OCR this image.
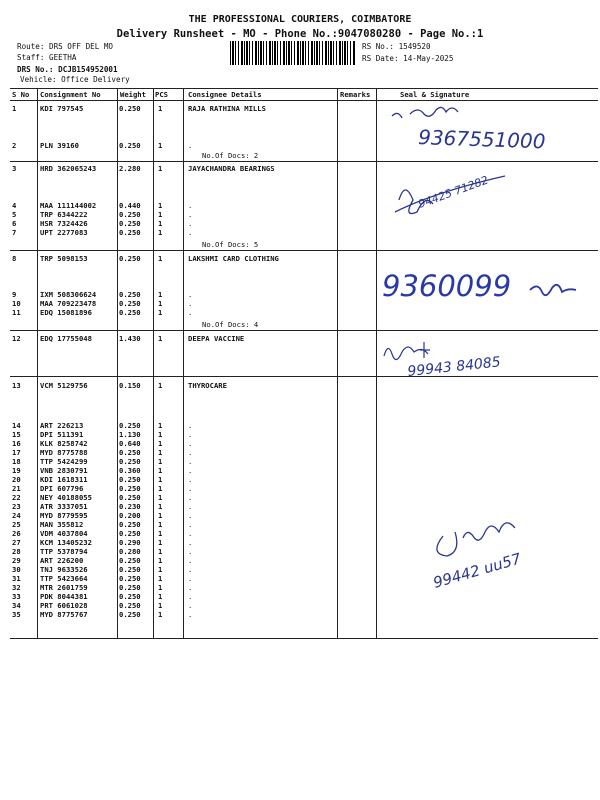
THE PROFESSIONAL COURIERS, COIMBATORE
Delivery Runsheet - MO - Phone No.:9047080280 - Page No.:1
Route: DRS OFF DEL MO
Staff: GEETHA
DRS No.: DCJB154952001
Vehicle: Office Delivery
RS No.: 1549520
RS Date: 14-May-2025
S No Consignment No	Weight PCS	Consignee Details	Remarks	Seal & Signature
1	KDI 797545	0.250 1	RAJA RATHINA MILLS
2	PLN 39160	0.250 1	.
3	HRD 362065243	2.280 1	JAYACHANDRA BEARINGS
4	MAA 111144002	0.440 1	.
5	TRP 6344222	0.250 1	.
6	HSR 7324426	0.250 1	.
7	UPT 2277083	0.250 1	.
8	TRP 5098153	0.250 1	LAKSHMI CARD CLOTHING
9	IXM 508306624	0.250 1	.
10	MAA 709223478	0.250 1	.
11	EDQ 15081896	0.250 1	.
12	EDQ 17755048	1.430 1	DEEPA VACCINE
13	VCM 5129756	0.150 1	THYROCARE
14	ART 226213	0.250 1	.
15	DPI 511391	1.130 1	.
16	KLK 8258742	0.640 1	.
17	MYD 8775788	0.250 1	.
18	TTP 5424299	0.250 1	.
19	VNB 2830791	0.360 1	.
20	KDI 1618311	0.250 1	.
21	DPI 607796	0.250 1	.
22	NEY 40188055	0.250 1	.
23	ATR 3337051	0.230 1	.
24	MYD 8779595	0.200 1	.
25	MAN 355812	0.250 1	.
26	VDM 4037804	0.250 1	.
27	KCM 13405232	0.290 1	.
28	TTP 5378794	0.280 1	.
29	ART 226200	0.250 1	.
30	TNJ 9633526	0.250 1	.
31	TTP 5423664	0.250 1	.
32	MTR 2601759	0.250 1	.
33	PDK 8044381	0.250 1	.
34	PRT 6061028	0.250 1	.
35	MYD 8775767	0.250 1	.
No.Of Docs: 2
No.Of Docs: 5
No.Of Docs: 4
9367551000
94425 71282
9360099
99943 84085
99442 uu57
